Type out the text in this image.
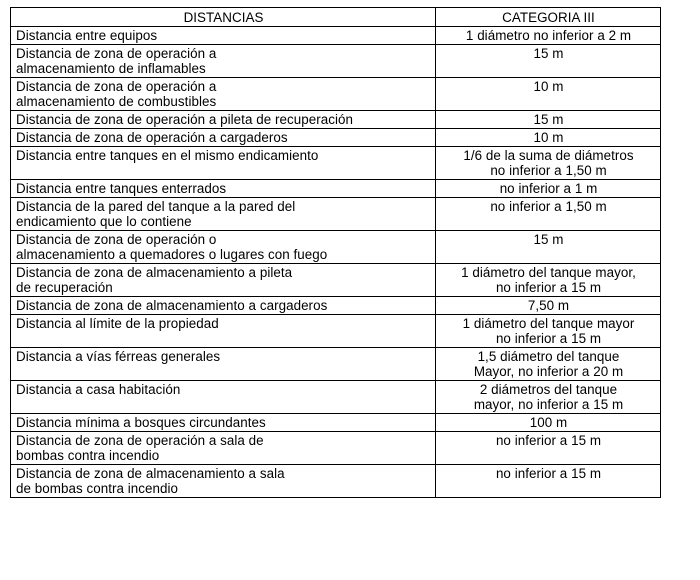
DISTANCIAS	CATEGORIA III
Distancia entre equipos	1 diámetro no inferior a 2 m
Distancia de zona de operación a
almacenamiento de inflamables	15 m
Distancia de zona de operación a
almacenamiento de combustibles	10 m
Distancia de zona de operación a pileta de recuperación	15 m
Distancia de zona de operación a cargaderos	10 m
Distancia entre tanques en el mismo endicamiento	1/6 de la suma de diámetros
no inferior a 1,50 m
Distancia entre tanques enterrados	no inferior a 1 m
Distancia de la pared del tanque a la pared del
endicamiento que lo contiene	no inferior a 1,50 m
Distancia de zona de operación o
almacenamiento a quemadores o lugares con fuego	15 m
Distancia de zona de almacenamiento a pileta
de recuperación	1 diámetro del tanque mayor,
no inferior a 15 m
Distancia de zona de almacenamiento a cargaderos	7,50 m
Distancia al límite de la propiedad	1 diámetro del tanque mayor
no inferior a 15 m
Distancia a vías férreas generales	1,5 diámetro del tanque
Mayor, no inferior a 20 m
Distancia a casa habitación	2 diámetros del tanque
mayor, no inferior a 15 m
Distancia mínima a bosques circundantes	100 m
Distancia de zona de operación a sala de
bombas contra incendio	no inferior a 15 m
Distancia de zona de almacenamiento a sala
de bombas contra incendio	no inferior a 15 m
